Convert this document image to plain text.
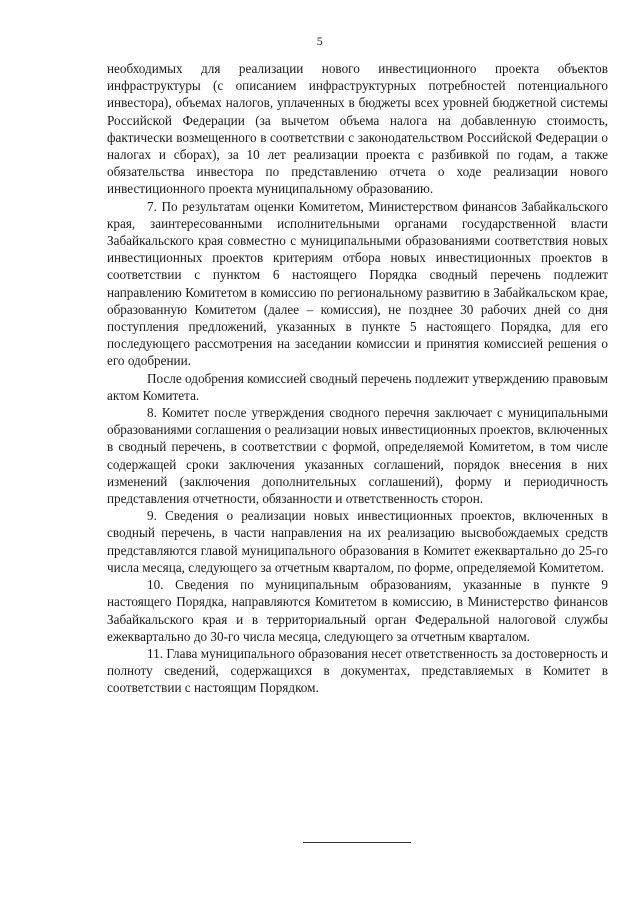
5

необходимых для реализации нового инвестиционного проекта объектов инфраструктуры (с описанием инфраструктурных потребностей потенциального инвестора), объемах налогов, уплаченных в бюджеты всех уровней бюджетной системы Российской Федерации (за вычетом объема налога на добавленную стоимость, фактически возмещенного в соответствии с законодательством Российской Федерации о налогах и сборах), за 10 лет реализации проекта с разбивкой по годам, а также обязательства инвестора по представлению отчета о ходе реализации нового инвестиционного проекта муниципальному образованию.

7. По результатам оценки Комитетом, Министерством финансов Забайкальского края, заинтересованными исполнительными органами государственной власти Забайкальского края совместно с муниципальными образованиями соответствия новых инвестиционных проектов критериям отбора новых инвестиционных проектов в соответствии с пунктом 6 настоящего Порядка сводный перечень подлежит направлению Комитетом в комиссию по региональному развитию в Забайкальском крае, образованную Комитетом (далее – комиссия), не позднее 30 рабочих дней со дня поступления предложений, указанных в пункте 5 настоящего Порядка, для его последующего рассмотрения на заседании комиссии и принятия комиссией решения о его одобрении.

После одобрения комиссией сводный перечень подлежит утверждению правовым актом Комитета.

8. Комитет после утверждения сводного перечня заключает с муниципальными образованиями соглашения о реализации новых инвестиционных проектов, включенных в сводный перечень, в соответствии с формой, определяемой Комитетом, в том числе содержащей сроки заключения указанных соглашений, порядок внесения в них изменений (заключения дополнительных соглашений), форму и периодичность представления отчетности, обязанности и ответственность сторон.

9. Сведения о реализации новых инвестиционных проектов, включенных в сводный перечень, в части направления на их реализацию высвобождаемых средств представляются главой муниципального образования в Комитет ежеквартально до 25-го числа месяца, следующего за отчетным кварталом, по форме, определяемой Комитетом.

10. Сведения по муниципальным образованиям, указанные в пункте 9 настоящего Порядка, направляются Комитетом в комиссию, в Министерство финансов Забайкальского края и в территориальный орган Федеральной налоговой службы ежеквартально до 30-го числа месяца, следующего за отчетным кварталом.

11. Глава муниципального образования несет ответственность за достоверность и полноту сведений, содержащихся в документах, представляемых в Комитет в соответствии с настоящим Порядком.
